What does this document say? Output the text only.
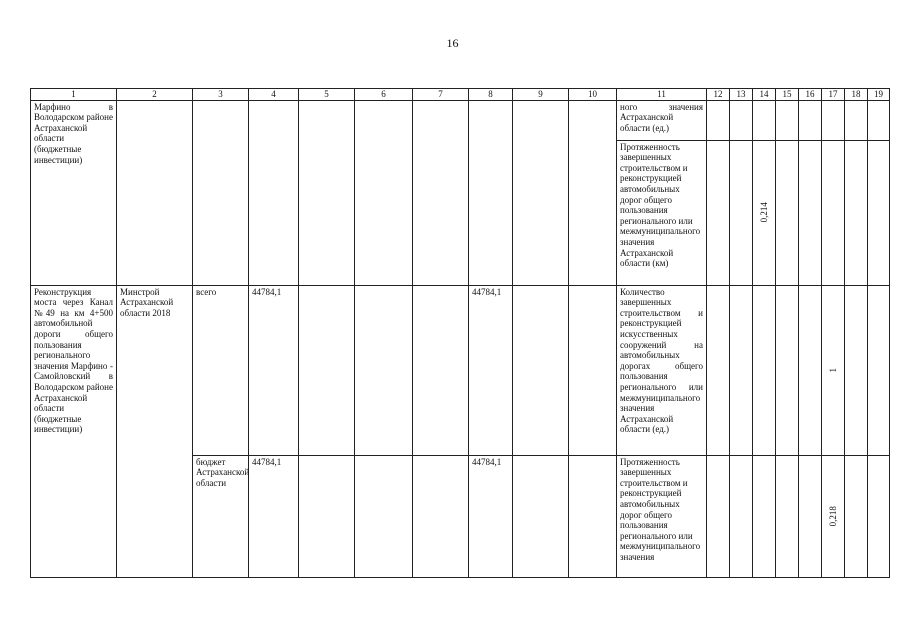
16
1	2	3	4	5	6	7	8	9	10	11	12	13	14	15	16	17	18	19
Марфино в Володарском районе Астраханской области (бюджетные инвестиции)										ного значения Астраханской области (ед.)								
										Протяженность завершенных строительством и реконструкцией автомобильных дорог общего пользования регионального или межмуниципального значения Астраханской области (км)			0,214					
Реконструкция моста через Канал №49 на км 4+500 автомобильной дороги общего пользования регионального значения Марфино - Самойловский в Володарском районе Астраханской области (бюджетные инвестиции)	Минстрой Астраханской области 2018	всего	44784,1				44784,1			Количество завершенных строительством и реконструкцией искусственных сооружений на автомобильных дорогах общего пользования регионального или межмуниципального значения Астраханской области (ед.)						1		
		бюджет Астраханской области	44784,1				44784,1			Протяженность завершенных строительством и реконструкцией автомобильных дорог общего пользования регионального или межмуниципального значения						0,218		
